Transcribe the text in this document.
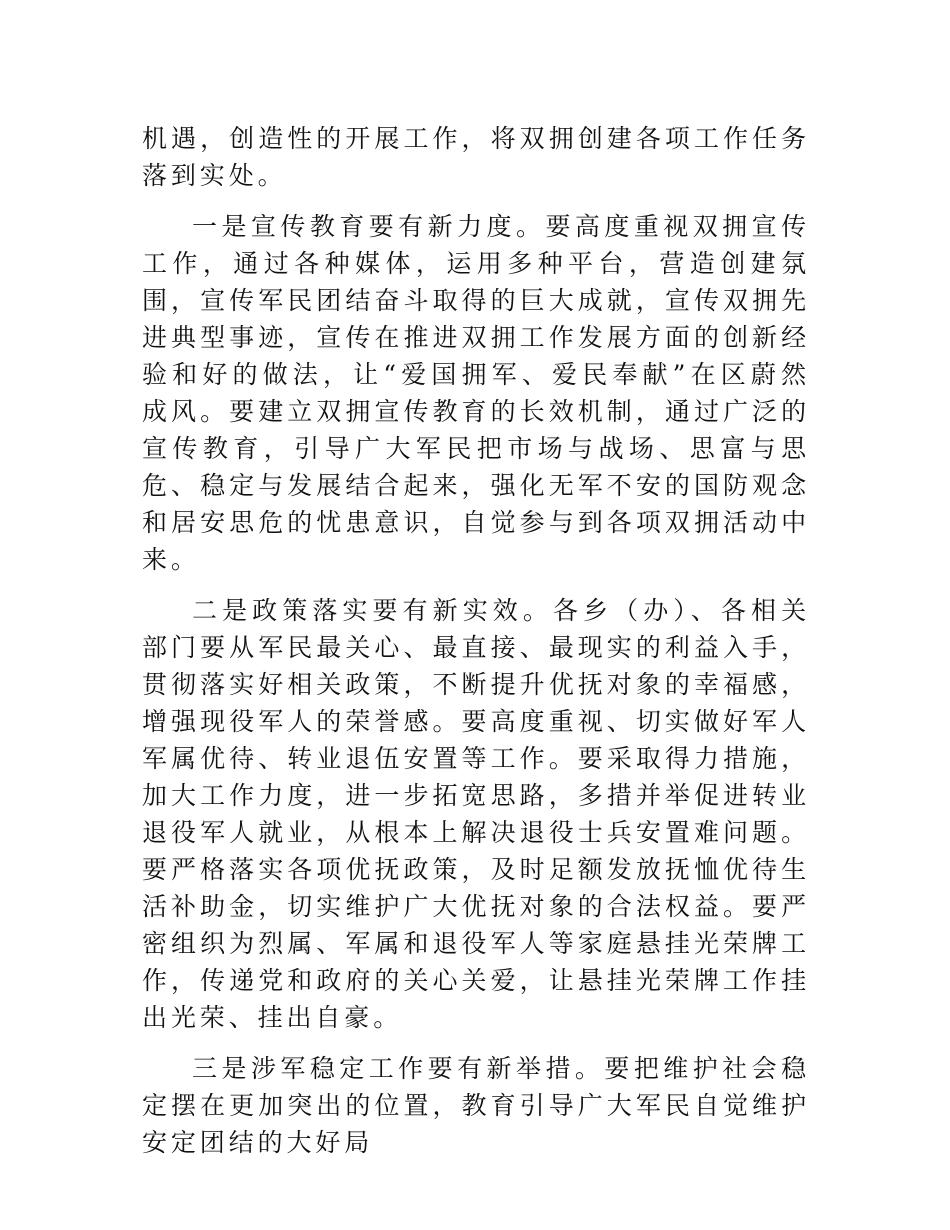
机遇，创造性的开展工作，将双拥创建各项工作任务落到实处。

一是宣传教育要有新力度。要高度重视双拥宣传工作，通过各种媒体，运用多种平台，营造创建氛围，宣传军民团结奋斗取得的巨大成就，宣传双拥先进典型事迹，宣传在推进双拥工作发展方面的创新经验和好的做法，让“爱国拥军、爱民奉献”在区蔚然成风。要建立双拥宣传教育的长效机制，通过广泛的宣传教育，引导广大军民把市场与战场、思富与思危、稳定与发展结合起来，强化无军不安的国防观念和居安思危的忧患意识，自觉参与到各项双拥活动中来。

二是政策落实要有新实效。各乡（办）、各相关部门要从军民最关心、最直接、最现实的利益入手，贯彻落实好相关政策，不断提升优抚对象的幸福感，增强现役军人的荣誉感。要高度重视、切实做好军人军属优待、转业退伍安置等工作。要采取得力措施，加大工作力度，进一步拓宽思路，多措并举促进转业退役军人就业，从根本上解决退役士兵安置难问题。要严格落实各项优抚政策，及时足额发放抚恤优待生活补助金，切实维护广大优抚对象的合法权益。要严密组织为烈属、军属和退役军人等家庭悬挂光荣牌工作，传递党和政府的关心关爱，让悬挂光荣牌工作挂出光荣、挂出自豪。

三是涉军稳定工作要有新举措。要把维护社会稳定摆在更加突出的位置，教育引导广大军民自觉维护安定团结的大好局
